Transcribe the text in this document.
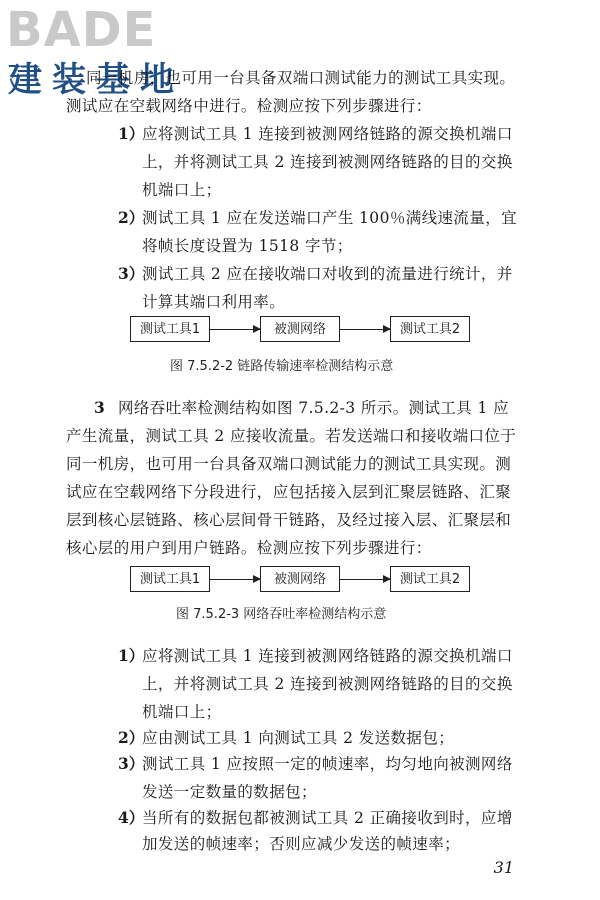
BADE
建装基地
同一机房，也可用一台具备双端口测试能力的测试工具实现。
测试应在空载网络中进行。检测应按下列步骤进行：
1）
应将测试工具 1 连接到被测网络链路的源交换机端口
上，并将测试工具 2 连接到被测网络链路的目的交换
机端口上；
2）
测试工具 1 应在发送端口产生 100％满线速流量，宜
将帧长度设置为 1518 字节；
3）
测试工具 2 应在接收端口对收到的流量进行统计，并
计算其端口利用率。
测试工具1	被测网络	测试工具2
图 7.5.2-2 链路传输速率检测结构示意
3 网络吞吐率检测结构如图 7.5.2-3 所示。测试工具 1 应
产生流量，测试工具 2 应接收流量。若发送端口和接收端口位于
同一机房，也可用一台具备双端口测试能力的测试工具实现。测
试应在空载网络下分段进行，应包括接入层到汇聚层链路、汇聚
层到核心层链路、核心层间骨干链路，及经过接入层、汇聚层和
核心层的用户到用户链路。检测应按下列步骤进行：
测试工具1	被测网络	测试工具2
图 7.5.2-3 网络吞吐率检测结构示意
1）
应将测试工具 1 连接到被测网络链路的源交换机端口
上，并将测试工具 2 连接到被测网络链路的目的交换
机端口上；
2）
应由测试工具 1 向测试工具 2 发送数据包；
3）
测试工具 1 应按照一定的帧速率，均匀地向被测网络
发送一定数量的数据包；
4）
当所有的数据包都被测试工具 2 正确接收到时，应增
加发送的帧速率；否则应减少发送的帧速率；
31
